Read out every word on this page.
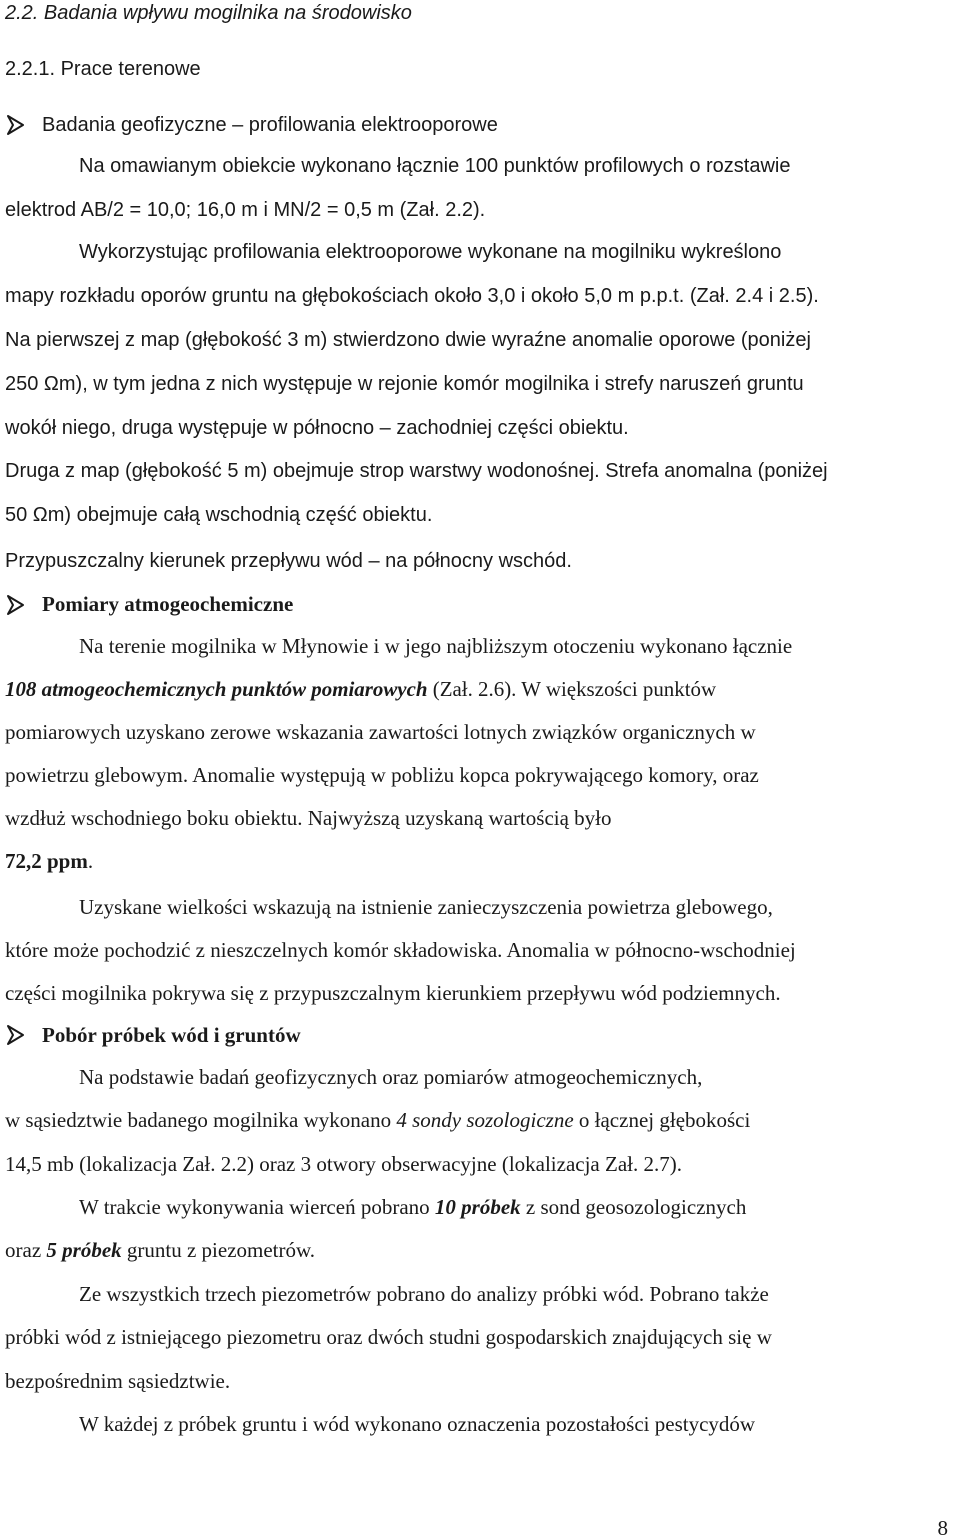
2.2. Badania wpływu mogilnika na środowisko
2.2.1. Prace terenowe
Badania geofizyczne – profilowania elektrooporowe
Na omawianym obiekcie wykonano łącznie 100 punktów profilowych o rozstawie
elektrod AB/2 = 10,0; 16,0 m i MN/2 = 0,5 m (Zał. 2.2).
Wykorzystując profilowania elektrooporowe wykonane na mogilniku wykreślono
mapy rozkładu oporów gruntu na głębokościach około 3,0 i około 5,0 m p.p.t. (Zał. 2.4 i 2.5).
Na pierwszej z map (głębokość 3 m) stwierdzono dwie wyraźne anomalie oporowe (poniżej
250 Ωm), w tym jedna z nich występuje w rejonie komór mogilnika i strefy naruszeń gruntu
wokół niego, druga występuje w północno – zachodniej części obiektu.
Druga z map (głębokość 5 m) obejmuje strop warstwy wodonośnej. Strefa anomalna (poniżej
50 Ωm) obejmuje całą wschodnią część obiektu.
Przypuszczalny kierunek przepływu wód – na północny wschód.
Pomiary atmogeochemiczne
Na terenie mogilnika w Młynowie i w jego najbliższym otoczeniu wykonano łącznie
108 atmogeochemicznych punktów pomiarowych (Zał. 2.6). W większości punktów
pomiarowych uzyskano zerowe wskazania zawartości lotnych związków organicznych w
powietrzu glebowym. Anomalie występują w pobliżu kopca pokrywającego komory, oraz
wzdłuż wschodniego boku obiektu. Najwyższą uzyskaną wartością było
72,2 ppm.
Uzyskane wielkości wskazują na istnienie zanieczyszczenia powietrza glebowego,
które może pochodzić z nieszczelnych komór składowiska. Anomalia w północno-wschodniej
części mogilnika pokrywa się z przypuszczalnym kierunkiem przepływu wód podziemnych.
Pobór próbek wód i gruntów
Na podstawie badań geofizycznych oraz pomiarów atmogeochemicznych,
w sąsiedztwie badanego mogilnika wykonano 4 sondy sozologiczne o łącznej głębokości
14,5 mb (lokalizacja Zał. 2.2) oraz 3 otwory obserwacyjne (lokalizacja Zał. 2.7).
W trakcie wykonywania wierceń pobrano 10 próbek z sond geosozologicznych
oraz 5 próbek gruntu z piezometrów.
Ze wszystkich trzech piezometrów pobrano do analizy próbki wód. Pobrano także
próbki wód z istniejącego piezometru oraz dwóch studni gospodarskich znajdujących się w
bezpośrednim sąsiedztwie.
W każdej z próbek gruntu i wód wykonano oznaczenia pozostałości pestycydów
8
